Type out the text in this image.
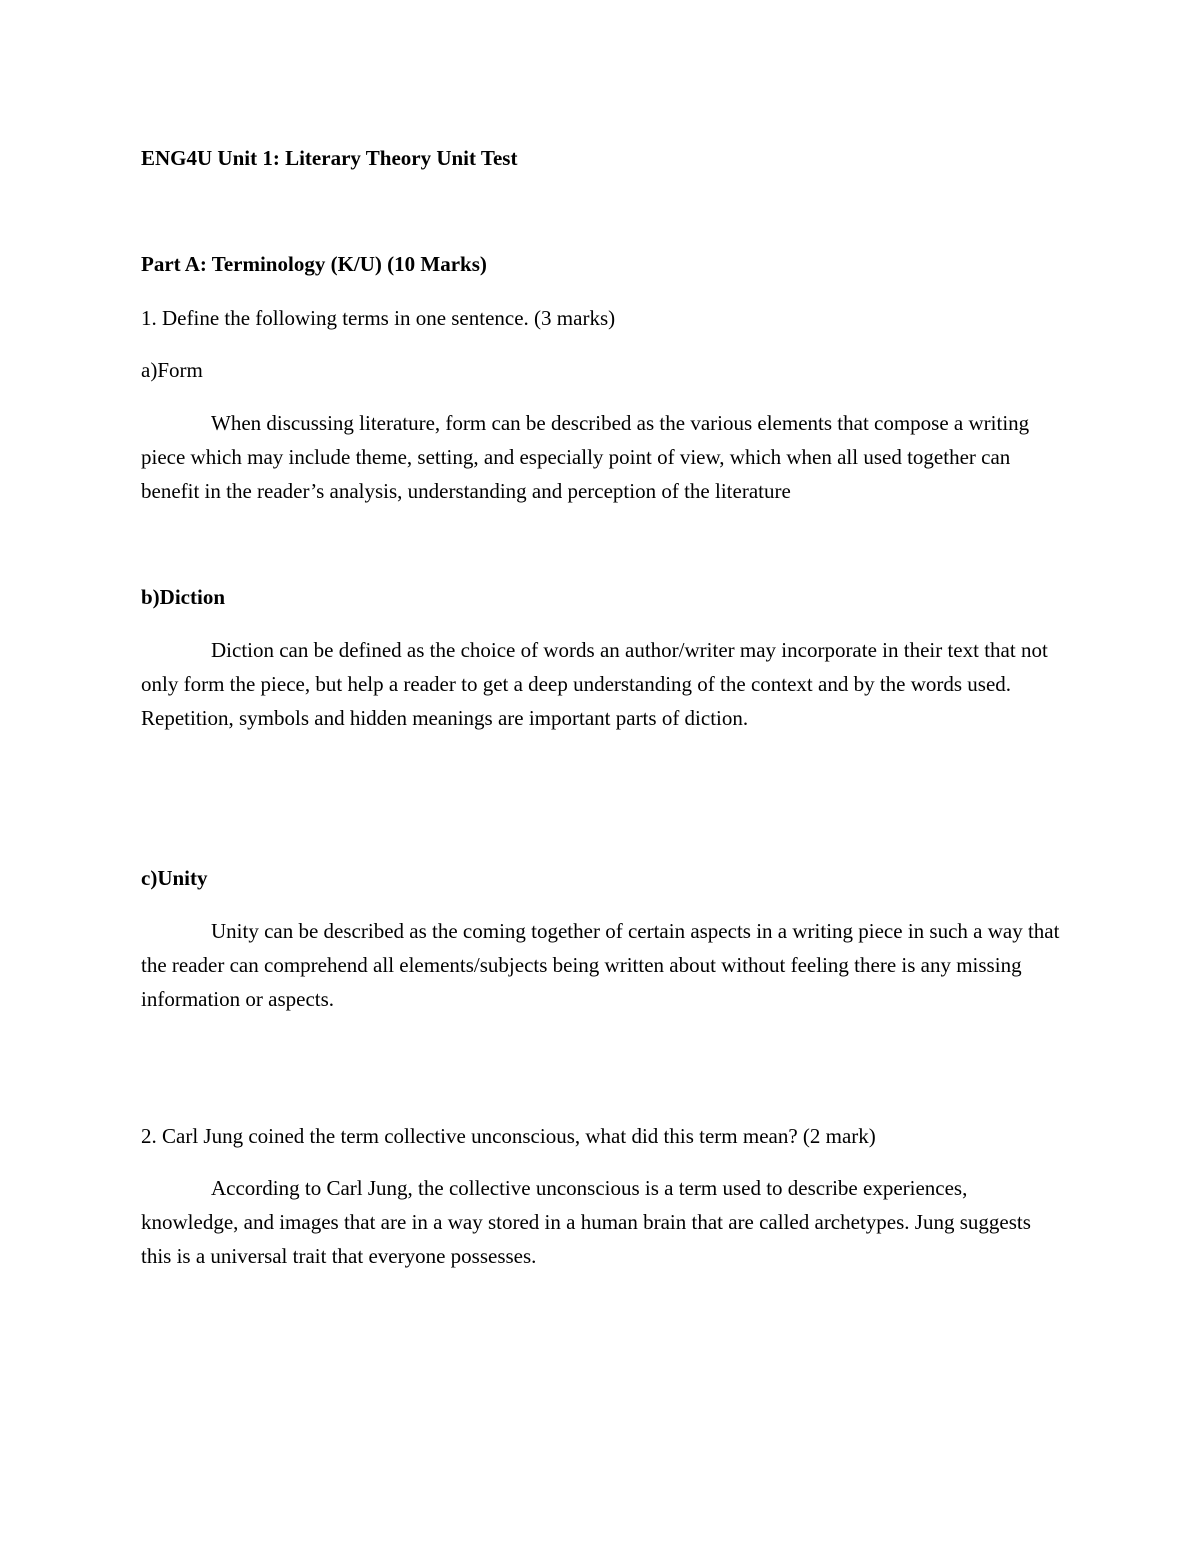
ENG4U Unit 1: Literary Theory Unit Test
Part A: Terminology (K/U) (10 Marks)
1. Define the following terms in one sentence. (3 marks)
a)Form

When discussing literature, form can be described as the various elements that compose a writing piece which may include theme, setting, and especially point of view, which when all used together can benefit in the reader’s analysis, understanding and perception of the literature

b)Diction

Diction can be defined as the choice of words an author/writer may incorporate in their text that not only form the piece, but help a reader to get a deep understanding of the context and by the words used. Repetition, symbols and hidden meanings are important parts of diction.

c)Unity

Unity can be described as the coming together of certain aspects in a writing piece in such a way that the reader can comprehend all elements/subjects being written about without feeling there is any missing information or aspects.

2. Carl Jung coined the term collective unconscious, what did this term mean? (2 mark)

According to Carl Jung, the collective unconscious is a term used to describe experiences, knowledge, and images that are in a way stored in a human brain that are called archetypes. Jung suggests this is a universal trait that everyone possesses.
